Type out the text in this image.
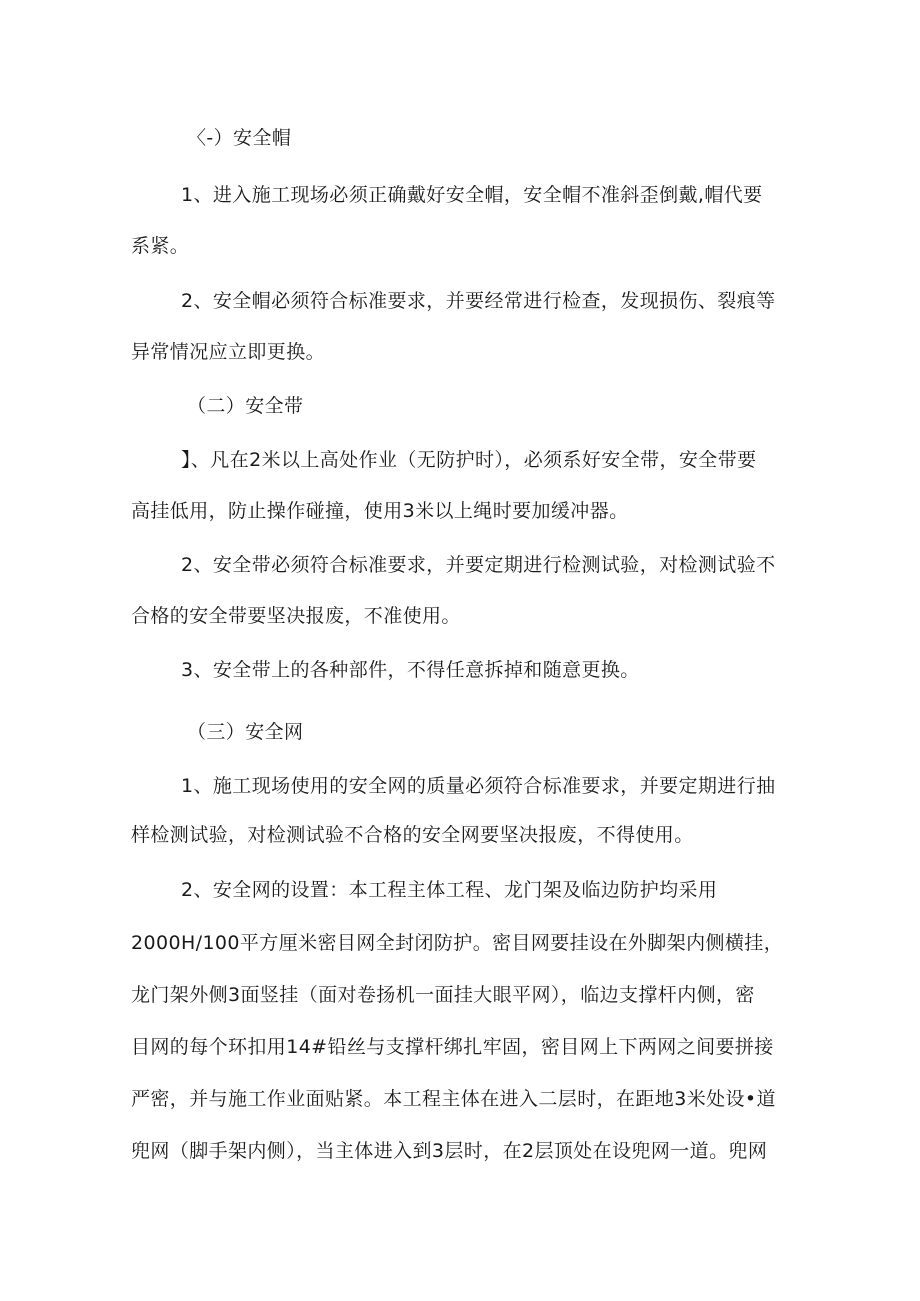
〈-）安全帽
1、进入施工现场必须正确戴好安全帽，安全帽不准斜歪倒戴,帽代要
系紧。
2、安全帽必须符合标准要求，并要经常进行检查，发现损伤、裂痕等
异常情况应立即更换。
（二）安全带
】、凡在2米以上高处作业（无防护时），必须系好安全带，安全带要
高挂低用，防止操作碰撞，使用3米以上绳时要加缓冲器。
2、安全带必须符合标准要求，并要定期进行检测试验，对检测试验不
合格的安全带要坚决报废，不准使用。
3、安全带上的各种部件，不得任意拆掉和随意更换。
（三）安全网
1、施工现场使用的安全网的质量必须符合标准要求，并要定期进行抽
样检测试验，对检测试验不合格的安全网要坚决报废，不得使用。
2、安全网的设置：本工程主体工程、龙门架及临边防护均采用
2000H/100平方厘米密目网全封闭防护。密目网要挂设在外脚架内侧横挂，
龙门架外侧3面竖挂（面对卷扬机一面挂大眼平网），临边支撑杆内侧，密
目网的每个环扣用14#铅丝与支撑杆绑扎牢固，密目网上下两网之间要拼接
严密，并与施工作业面贴紧。本工程主体在进入二层时，在距地3米处设•道
兜网（脚手架内侧），当主体进入到3层时，在2层顶处在设兜网一道。兜网
